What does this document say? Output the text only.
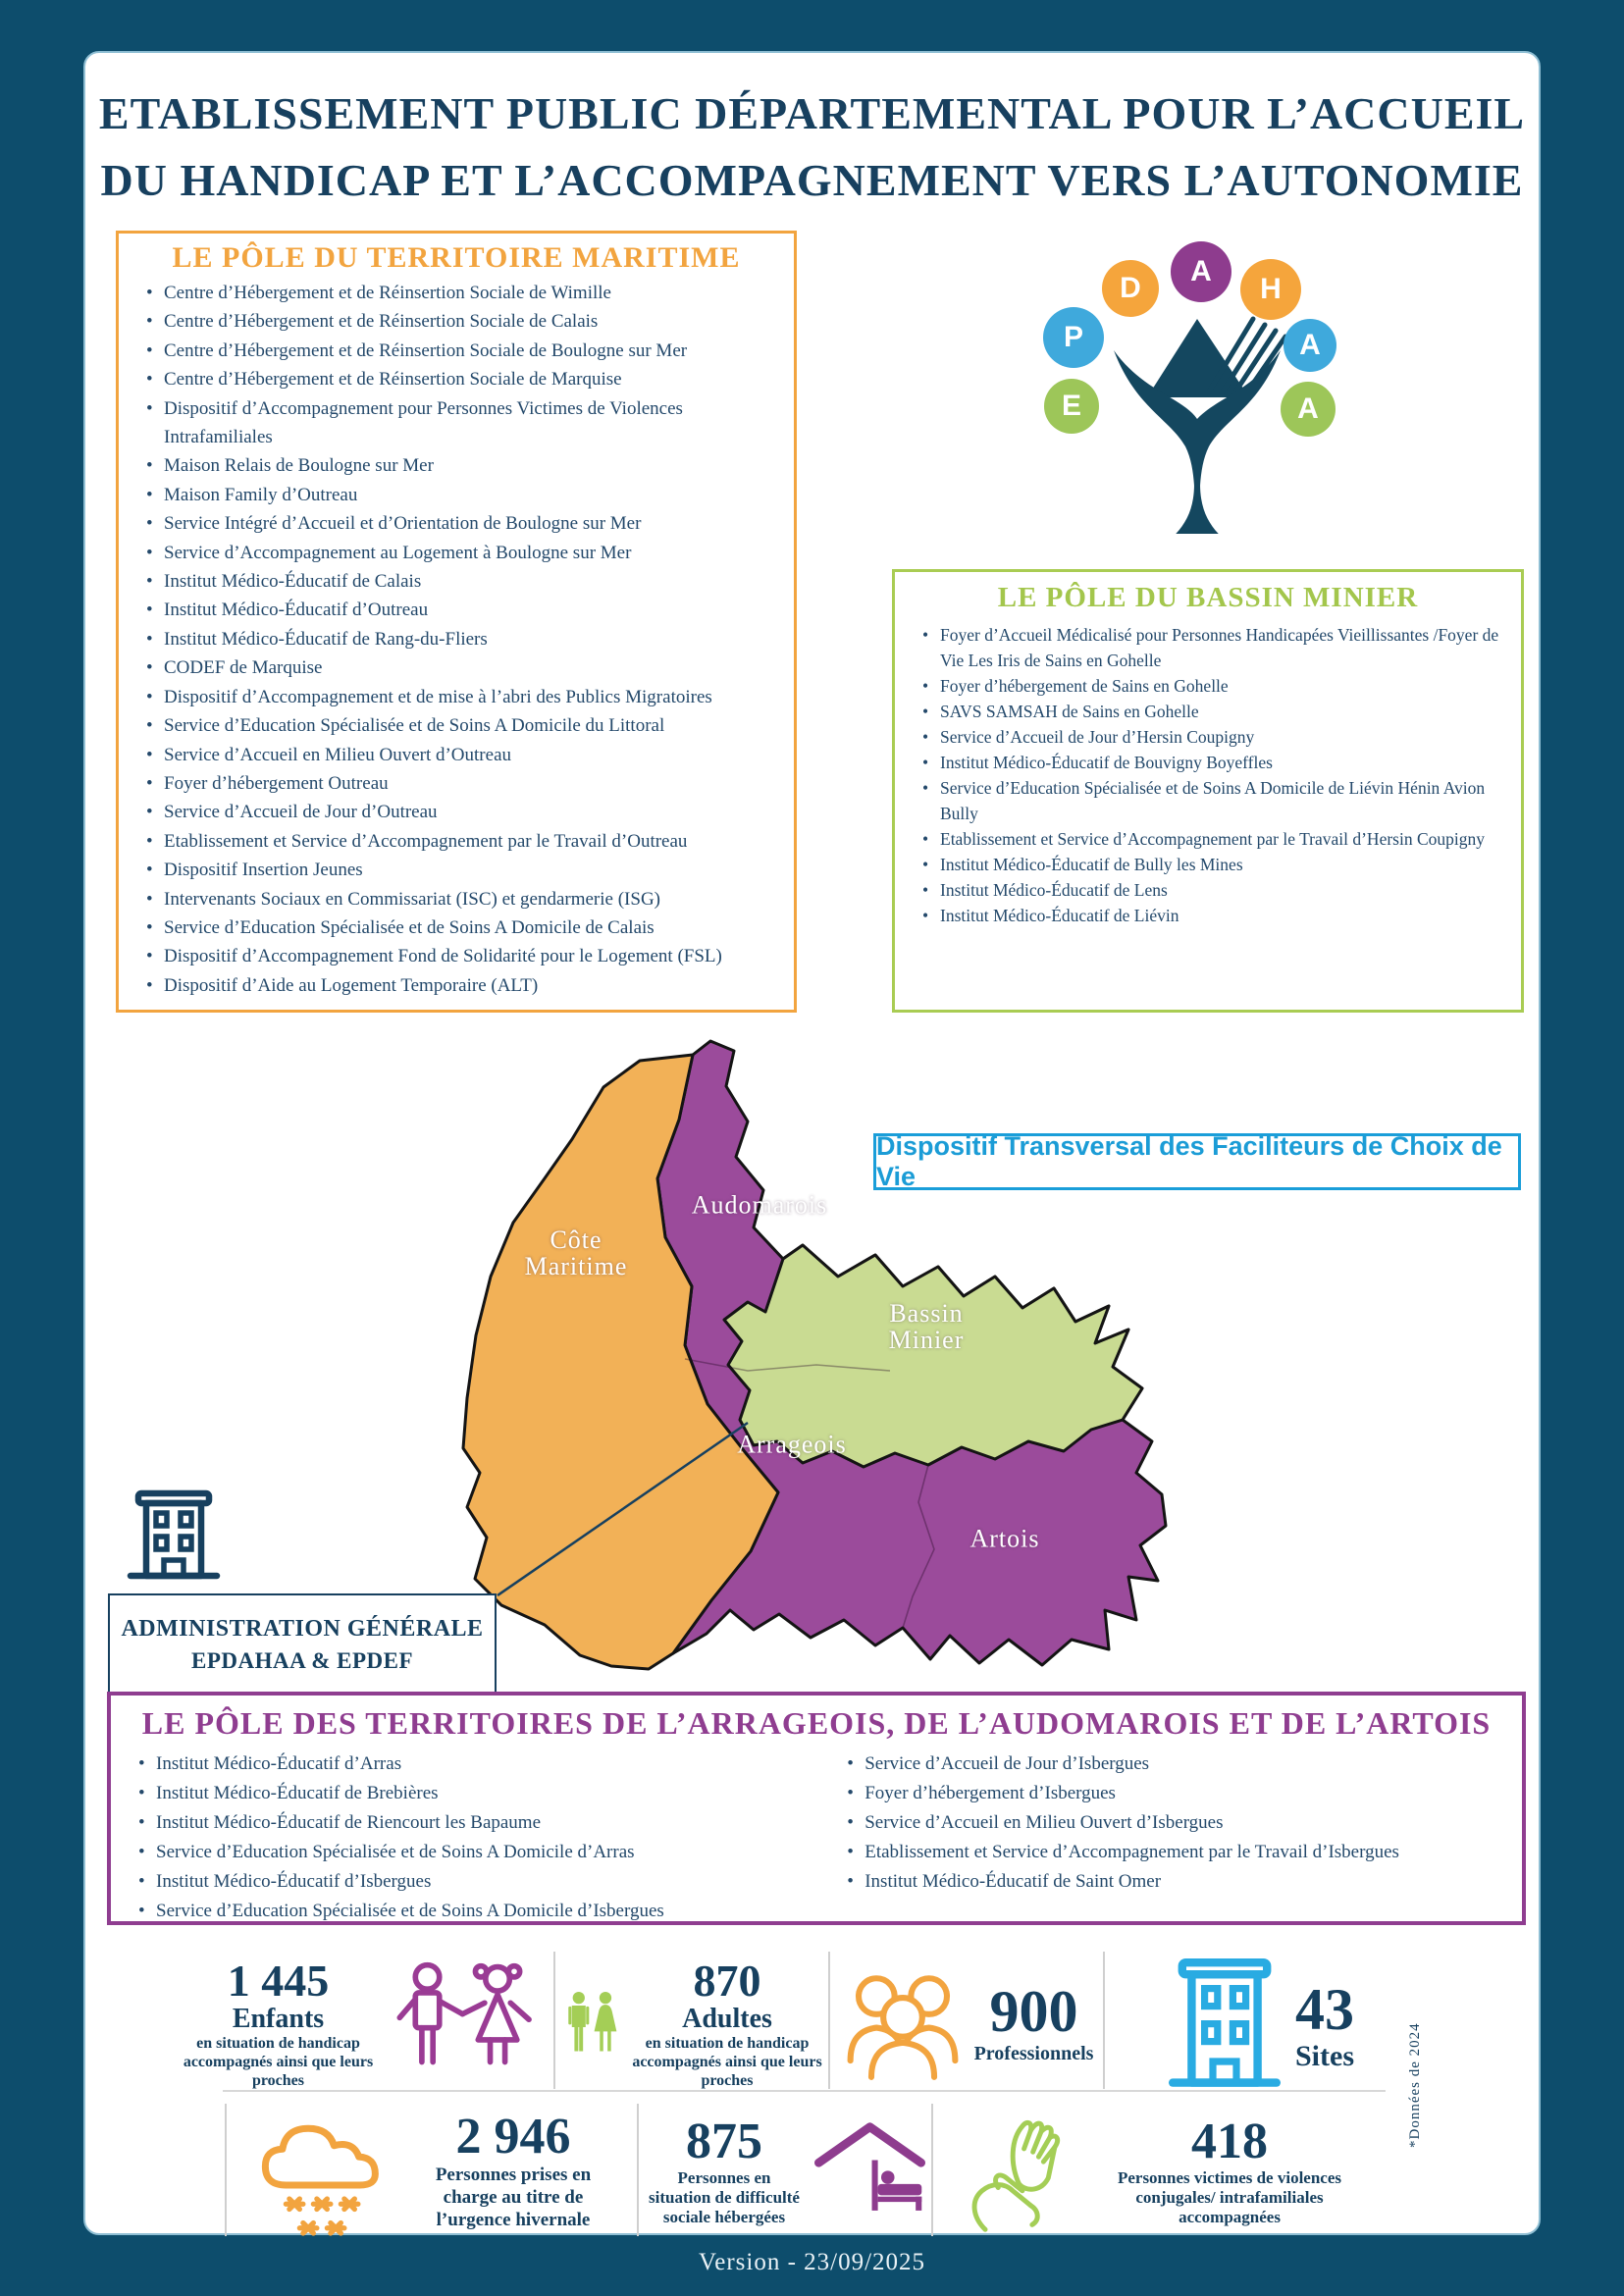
ETABLISSEMENT PUBLIC DÉPARTEMENTAL POUR L’ACCUEIL
DU HANDICAP ET L’ACCOMPAGNEMENT VERS L’AUTONOMIE
LE PÔLE DU TERRITOIRE MARITIME
• Centre d’Hébergement et de Réinsertion Sociale de Wimille
• Centre d’Hébergement et de Réinsertion Sociale de Calais
• Centre d’Hébergement et de Réinsertion Sociale de Boulogne sur Mer
• Centre d’Hébergement et de Réinsertion Sociale de Marquise
• Dispositif d’Accompagnement pour Personnes Victimes de Violences Intrafamiliales
• Maison Relais de Boulogne sur Mer
• Maison Family d’Outreau
• Service Intégré d’Accueil et d’Orientation de Boulogne sur Mer
• Service d’Accompagnement au Logement à Boulogne sur Mer
• Institut Médico-Éducatif de Calais
• Institut Médico-Éducatif d’Outreau
• Institut Médico-Éducatif de Rang-du-Fliers
• CODEF de Marquise
• Dispositif d’Accompagnement et de mise à l’abri des Publics Migratoires
• Service d’Education Spécialisée et de Soins A Domicile du Littoral
• Service d’Accueil en Milieu Ouvert d’Outreau
• Foyer d’hébergement Outreau
• Service d’Accueil de Jour d’Outreau
• Etablissement et Service d’Accompagnement par le Travail d’Outreau
• Dispositif Insertion Jeunes
• Intervenants Sociaux en Commissariat (ISC) et gendarmerie (ISG)
• Service d’Education Spécialisée et de Soins A Domicile de Calais
• Dispositif d’Accompagnement Fond de Solidarité pour le Logement (FSL)
• Dispositif d’Aide au Logement Temporaire (ALT)
D
A
H
P	A
E	A
LE PÔLE DU BASSIN MINIER
• Foyer d’Accueil Médicalisé pour Personnes Handicapées Vieillissantes /Foyer de Vie Les Iris de Sains en Gohelle
• Foyer d’hébergement de Sains en Gohelle
• SAVS SAMSAH de Sains en Gohelle
• Service d’Accueil de Jour d’Hersin Coupigny
• Institut Médico-Éducatif de Bouvigny Boyeffles
• Service d’Education Spécialisée et de Soins A Domicile de Liévin Hénin Avion Bully
• Etablissement et Service d’Accompagnement par le Travail d’Hersin Coupigny
• Institut Médico-Éducatif de Bully les Mines
• Institut Médico-Éducatif de Lens
• Institut Médico-Éducatif de Liévin
Côte
Maritime
Audomarois
Bassin
Minier
Arrageois
Artois
Dispositif Transversal des Faciliteurs de Choix de Vie
ADMINISTRATION GÉNÉRALE
EPDAHAA & EPDEF
LE PÔLE DES TERRITOIRES DE L’ARRAGEOIS, DE L’AUDOMAROIS ET DE L’ARTOIS
• Institut Médico-Éducatif d’Arras
• Institut Médico-Éducatif de Brebières
• Institut Médico-Éducatif de Riencourt les Bapaume
• Service d’Education Spécialisée et de Soins A Domicile d’Arras
• Institut Médico-Éducatif d’Isbergues
• Service d’Education Spécialisée et de Soins A Domicile d’Isbergues
• Service d’Accueil de Jour d’Isbergues
• Foyer d’hébergement d’Isbergues
• Service d’Accueil en Milieu Ouvert d’Isbergues
• Etablissement et Service d’Accompagnement par le Travail d’Isbergues
• Institut Médico-Éducatif de Saint Omer
1 445
Enfants
en situation de handicap accompagnés ainsi que leurs proches
870
Adultes
en situation de handicap accompagnés ainsi que leurs proches
900
Professionnels
43
Sites
2 946
Personnes prises en charge au titre de l’urgence hivernale
875
Personnes en situation de difficulté sociale hébergées
418
Personnes victimes de violences conjugales/ intrafamiliales accompagnées
*Données de 2024
Version - 23/09/2025
